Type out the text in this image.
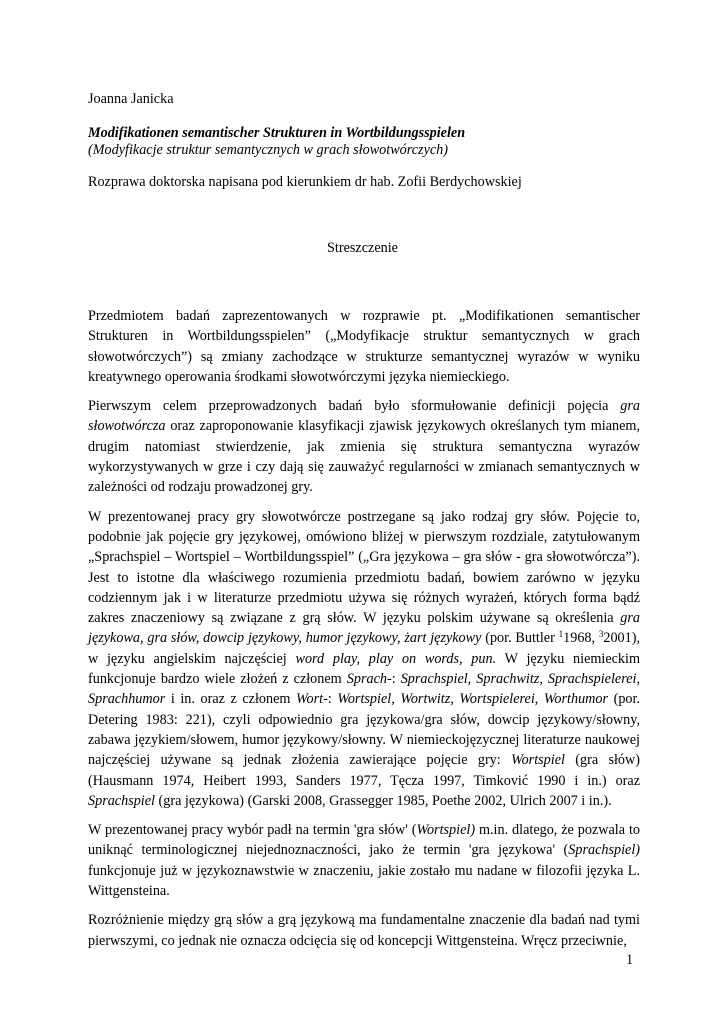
Joanna Janicka
Modifikationen semantischer Strukturen in Wortbildungsspielen
(Modyfikacje struktur semantycznych w grach słowotwórczych)
Rozprawa doktorska napisana pod kierunkiem dr hab. Zofii Berdychowskiej
Streszczenie

Przedmiotem badań zaprezentowanych w rozprawie pt. „Modifikationen semantischer Strukturen in Wortbildungsspielen” („Modyfikacje struktur semantycznych w grach słowotwórczych”) są zmiany zachodzące w strukturze semantycznej wyrazów w wyniku kreatywnego operowania środkami słowotwórczymi języka niemieckiego.

Pierwszym celem przeprowadzonych badań było sformułowanie definicji pojęcia gra słowotwórcza oraz zaproponowanie klasyfikacji zjawisk językowych określanych tym mianem, drugim natomiast stwierdzenie, jak zmienia się struktura semantyczna wyrazów wykorzystywanych w grze i czy dają się zauważyć regularności w zmianach semantycznych w zależności od rodzaju prowadzonej gry.

W prezentowanej pracy gry słowotwórcze postrzegane są jako rodzaj gry słów. Pojęcie to, podobnie jak pojęcie gry językowej, omówiono bliżej w pierwszym rozdziale, zatytułowanym „Sprachspiel – Wortspiel – Wortbildungsspiel” („Gra językowa – gra słów - gra słowotwórcza”). Jest to istotne dla właściwego rozumienia przedmiotu badań, bowiem zarówno w języku codziennym jak i w literaturze przedmiotu używa się różnych wyrażeń, których forma bądź zakres znaczeniowy są związane z grą słów. W języku polskim używane są określenia gra językowa, gra słów, dowcip językowy, humor językowy, żart językowy (por. Buttler $^1$1968, $^3$2001), w języku angielskim najczęściej word play, play on words, pun. W języku niemieckim funkcjonuje bardzo wiele złożeń z członem Sprach-: Sprachspiel, Sprachwitz, Sprachspielerei, Sprachhumor i in. oraz z członem Wort-: Wortspiel, Wortwitz, Wortspielerei, Worthumor (por. Detering 1983: 221), czyli odpowiednio gra językowa/gra słów, dowcip językowy/słowny, zabawa językiem/słowem, humor językowy/słowny. W niemieckojęzycznej literaturze naukowej najczęściej używane są jednak złożenia zawierające pojęcie gry: Wortspiel (gra słów) (Hausmann 1974, Heibert 1993, Sanders 1977, Tęcza 1997, Timković 1990 i in.) oraz Sprachspiel (gra językowa) (Garski 2008, Grassegger 1985, Poethe 2002, Ulrich 2007 i in.).

W prezentowanej pracy wybór padł na termin 'gra słów' (Wortspiel) m.in. dlatego, że pozwala to uniknąć terminologicznej niejednoznaczności, jako że termin 'gra językowa' (Sprachspiel) funkcjonuje już w językoznawstwie w znaczeniu, jakie zostało mu nadane w filozofii języka L. Wittgensteina.

Rozróżnienie między grą słów a grą językową ma fundamentalne znaczenie dla badań nad tymi pierwszymi, co jednak nie oznacza odcięcia się od koncepcji Wittgensteina. Wręcz przeciwnie,

1
